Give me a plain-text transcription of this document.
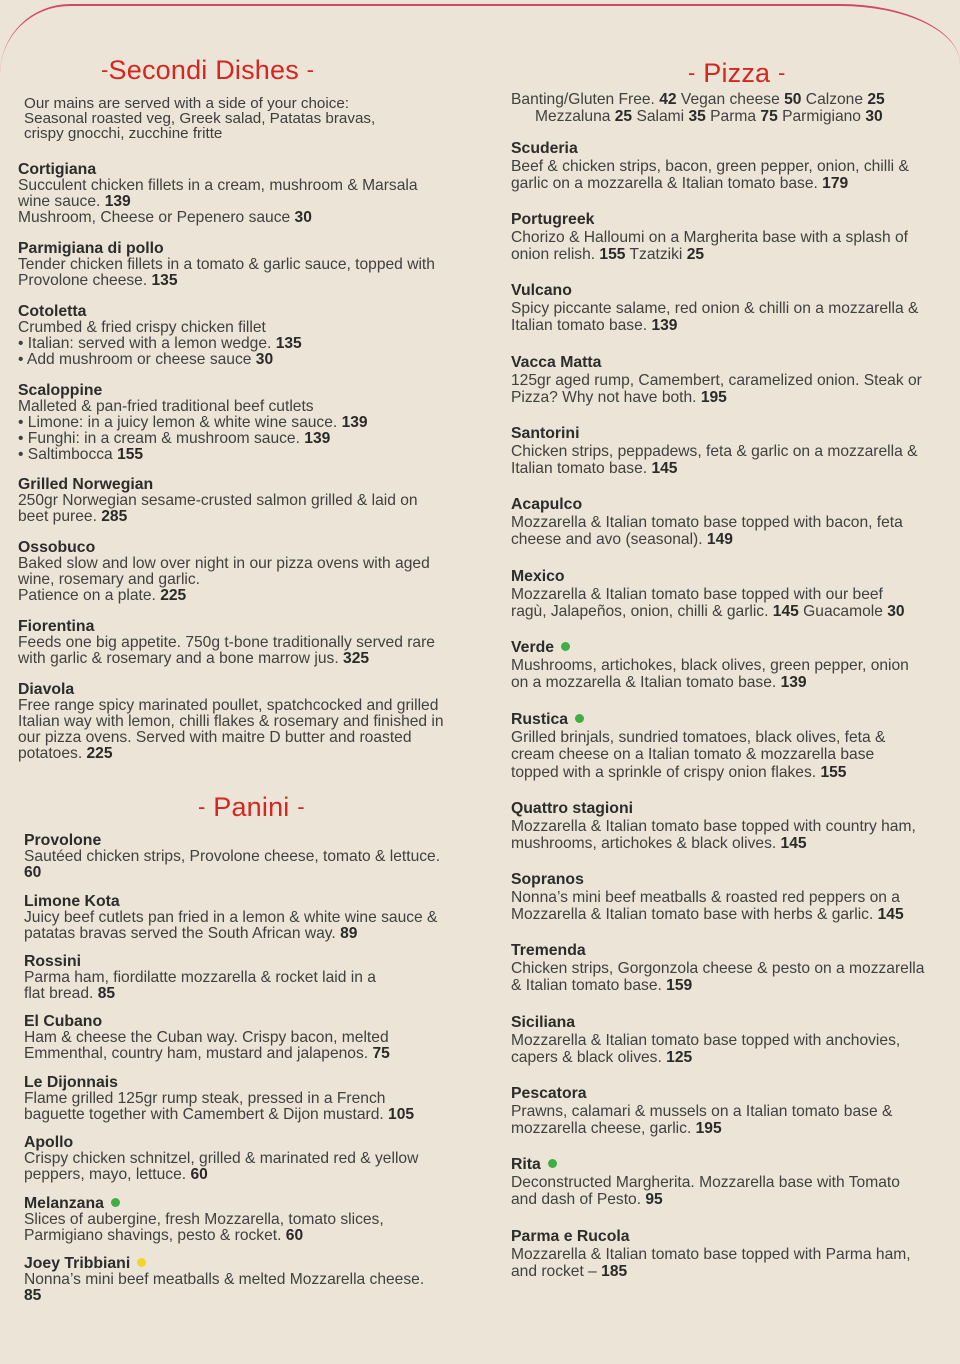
-Secondi Dishes -

Our mains are served with a side of your choice:

Seasonal roasted veg, Greek salad, Patatas bravas,

crispy gnocchi, zucchine fritte

Cortigiana
Succulent chicken fillets in a cream, mushroom & Marsala
wine sauce. 139
Mushroom, Cheese or Pepenero sauce 30
Parmigiana di pollo
Tender chicken fillets in a tomato & garlic sauce, topped with
Provolone cheese. 135
Cotoletta
Crumbed & fried crispy chicken fillet
• Italian: served with a lemon wedge. 135
• Add mushroom or cheese sauce 30
Scaloppine
Malleted & pan-fried traditional beef cutlets
• Limone: in a juicy lemon & white wine sauce. 139
• Funghi: in a cream & mushroom sauce. 139
• Saltimbocca 155
Grilled Norwegian
250gr Norwegian sesame-crusted salmon grilled & laid on
beet puree. 285
Ossobuco
Baked slow and low over night in our pizza ovens with aged
wine, rosemary and garlic.
Patience on a plate. 225
Fiorentina
Feeds one big appetite. 750g t-bone traditionally served rare
with garlic & rosemary and a bone marrow jus. 325
Diavola
Free range spicy marinated poullet, spatchcocked and grilled
Italian way with lemon, chilli flakes & rosemary and finished in
our pizza ovens. Served with maitre D butter and roasted
potatoes. 225
- Panini -
Provolone
Sautéed chicken strips, Provolone cheese, tomato & lettuce.
60
Limone Kota
Juicy beef cutlets pan fried in a lemon & white wine sauce &
patatas bravas served the South African way. 89
Rossini
Parma ham, fiordilatte mozzarella & rocket laid in a
flat bread. 85
El Cubano
Ham & cheese the Cuban way. Crispy bacon, melted
Emmenthal, country ham, mustard and jalapenos. 75
Le Dijonnais
Flame grilled 125gr rump steak, pressed in a French
baguette together with Camembert & Dijon mustard. 105
Apollo
Crispy chicken schnitzel, grilled & marinated red & yellow
peppers, mayo, lettuce. 60
Melanzana
Slices of aubergine, fresh Mozzarella, tomato slices,
Parmigiano shavings, pesto & rocket. 60
Joey Tribbiani
Nonna’s mini beef meatballs & melted Mozzarella cheese.
85
- Pizza -
Banting/Gluten Free. 42 Vegan cheese 50 Calzone 25
Mezzaluna 25 Salami 35 Parma 75 Parmigiano 30
Scuderia
Beef & chicken strips, bacon, green pepper, onion, chilli &
garlic on a mozzarella & Italian tomato base. 179
Portugreek
Chorizo & Halloumi on a Margherita base with a splash of
onion relish. 155 Tzatziki 25
Vulcano
Spicy piccante salame, red onion & chilli on a mozzarella &
Italian tomato base. 139
Vacca Matta
125gr aged rump, Camembert, caramelized onion. Steak or
Pizza? Why not have both. 195
Santorini
Chicken strips, peppadews, feta & garlic on a mozzarella &
Italian tomato base. 145
Acapulco
Mozzarella & Italian tomato base topped with bacon, feta
cheese and avo (seasonal). 149
Mexico
Mozzarella & Italian tomato base topped with our beef
ragù, Jalapeños, onion, chilli & garlic. 145 Guacamole 30
Verde
Mushrooms, artichokes, black olives, green pepper, onion
on a mozzarella & Italian tomato base. 139
Rustica
Grilled brinjals, sundried tomatoes, black olives, feta &
cream cheese on a Italian tomato & mozzarella base
topped with a sprinkle of crispy onion flakes. 155
Quattro stagioni
Mozzarella & Italian tomato base topped with country ham,
mushrooms, artichokes & black olives. 145
Sopranos
Nonna’s mini beef meatballs & roasted red peppers on a
Mozzarella & Italian tomato base with herbs & garlic. 145
Tremenda
Chicken strips, Gorgonzola cheese & pesto on a mozzarella
& Italian tomato base. 159
Siciliana
Mozzarella & Italian tomato base topped with anchovies,
capers & black olives. 125
Pescatora
Prawns, calamari & mussels on a Italian tomato base &
mozzarella cheese, garlic. 195
Rita
Deconstructed Margherita. Mozzarella base with Tomato
and dash of Pesto. 95
Parma e Rucola
Mozzarella & Italian tomato base topped with Parma ham,
and rocket – 185
